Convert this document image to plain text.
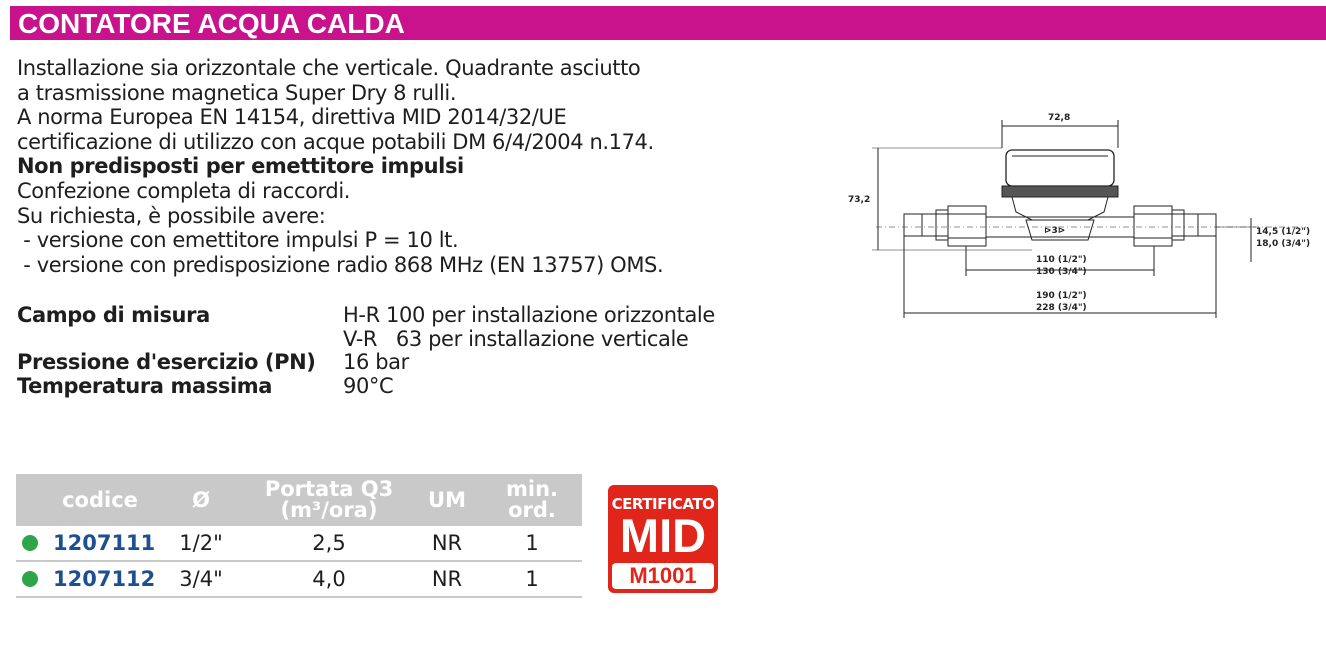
CONTATORE ACQUA CALDA
Installazione sia orizzontale che verticale. Quadrante asciutto
a trasmissione magnetica Super Dry 8 rulli.
A norma Europea EN 14154, direttiva MID 2014/32/UE
certificazione di utilizzo con acque potabili DM 6/4/2004 n.174.
Non predisposti per emettitore impulsi
Confezione completa di raccordi.
Su richiesta, è possibile avere:
- versione con emettitore impulsi P = 10 lt.
- versione con predisposizione radio 868 MHz (EN 13757) OMS.
Campo di misura	H-R 100 per installazione orizzontale
V-R   63 per installazione verticale
Pressione d'esercizio (PN) 16 bar
Temperatura massima	90°C
codice	Ø	Portata Q3
(m³/ora)	UM	min.
ord.
1207111	1/2"	2,5	NR	1
1207112	3/4"	4,0	NR	1
CERTIFICATO
MID
M1001
72,8
73,2
14,5 (1/2")
18,0 (3/4")
110 (1/2")
130 (3/4")
190 (1/2")
228 (3/4")
⊳3⊳
